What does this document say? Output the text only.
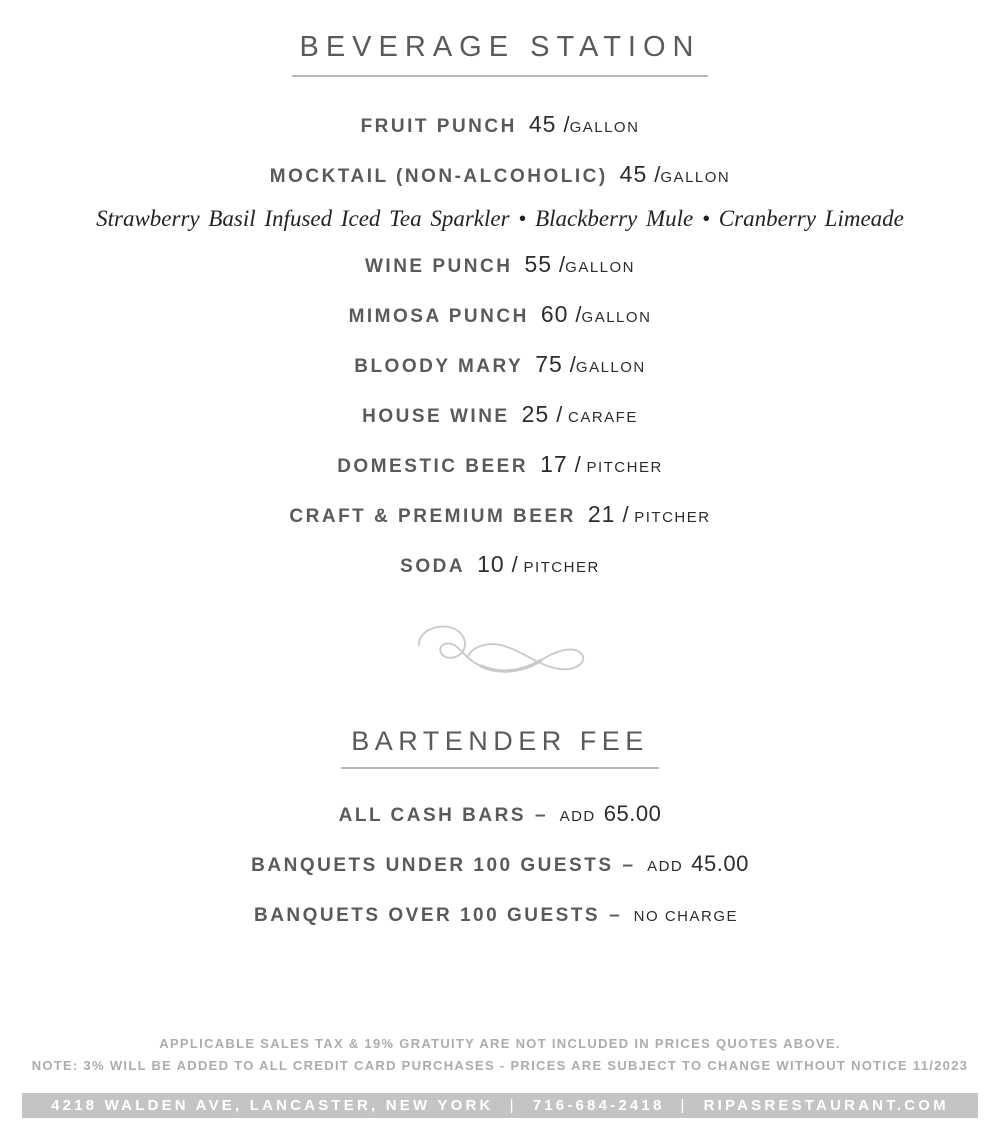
BEVERAGE STATION
FRUIT PUNCH 45 /GALLON
MOCKTAIL (NON-ALCOHOLIC) 45 /GALLON
Strawberry Basil Infused Iced Tea Sparkler • Blackberry Mule • Cranberry Limeade
WINE PUNCH 55 /GALLON
MIMOSA PUNCH 60 /GALLON
BLOODY MARY 75 /GALLON
HOUSE WINE 25 / CARAFE
DOMESTIC BEER 17 / PITCHER
CRAFT & PREMIUM BEER 21 / PITCHER
SODA 10 / PITCHER
BARTENDER FEE
ALL CASH BARS – ADD 65.00
BANQUETS UNDER 100 GUESTS – ADD 45.00
BANQUETS OVER 100 GUESTS – NO CHARGE
APPLICABLE SALES TAX & 19% GRATUITY ARE NOT INCLUDED IN PRICES QUOTES ABOVE.
NOTE: 3% WILL BE ADDED TO ALL CREDIT CARD PURCHASES - PRICES ARE SUBJECT TO CHANGE WITHOUT NOTICE 11/2023
4218 WALDEN AVE, LANCASTER, NEW YORK | 716-684-2418 | RIPASRESTAURANT.COM
